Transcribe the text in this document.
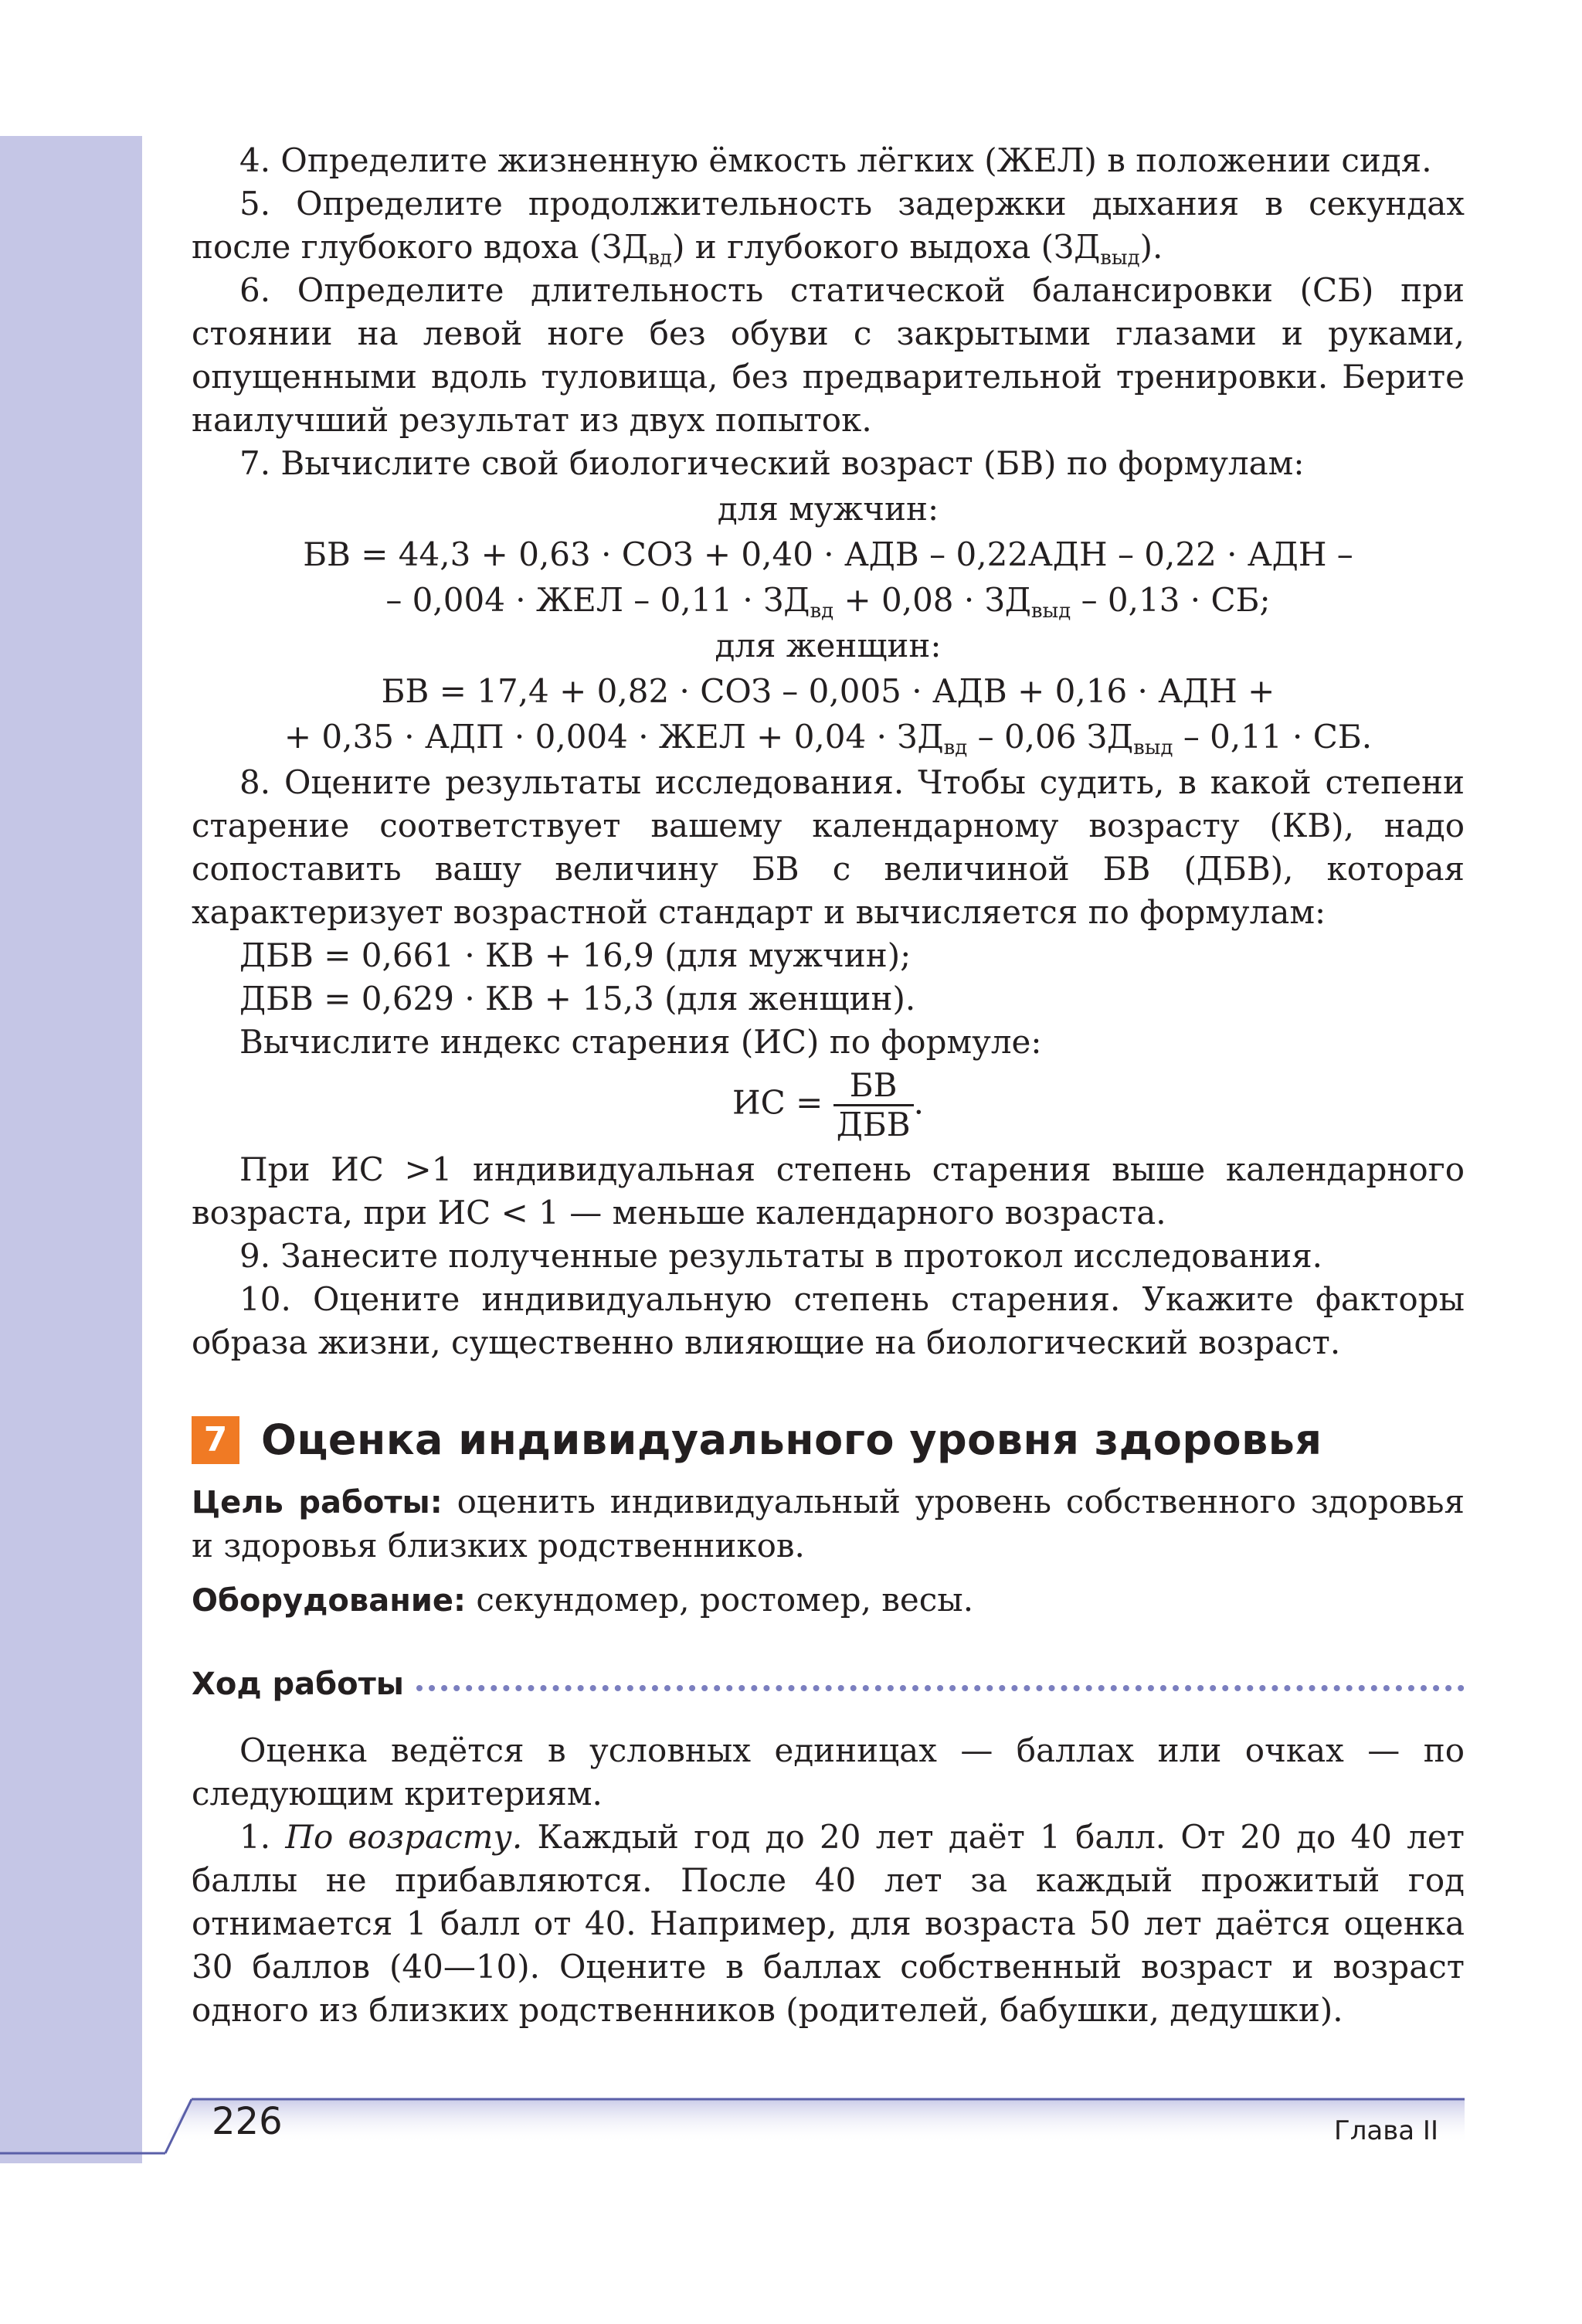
4. Определите жизненную ёмкость лёгких (ЖЕЛ) в положении сидя.

5. Определите продолжительность задержки дыхания в секундах после глубокого вдоха $(ЗД_{вд})$ и глубокого выдоха $(ЗД_{выд})$.

6. Определите длительность статической балансировки (СБ) при стоянии на левой ноге без обуви с закрытыми глазами и руками, опущенными вдоль туловища, без предварительной тренировки. Берите наилучший результат из двух попыток.

7. Вычислите свой биологический возраст (БВ) по формулам:

для мужчин:

БВ = 44,3 + 0,63 · СОЗ + 0,40 · АДВ – 0,22АДН – 0,22 · АДН –

– 0,004 · ЖЕЛ – $0,11 \cdot ЗД_{вд} + 0,08 \cdot ЗД_{выд} - 0,13$ · СБ;

для женщин:

БВ = 17,4 + 0,82 · СОЗ – 0,005 · АДВ + 0,16 · АДН +

+ 0,35 · АДП · 0,004 · ЖЕЛ + $0,04 \cdot ЗД_{вд} - 0,06$ $ЗД_{выд} - 0,11$ · СБ.

8. Оцените результаты исследования. Чтобы судить, в какой степени старение соответствует вашему календарному возрасту (КВ), надо сопоставить вашу величину БВ с величиной БВ (ДБВ), которая характеризует возрастной стандарт и вычисляется по формулам:

ДБВ = 0,661 · КВ + 16,9 (для мужчин);

ДБВ = 0,629 · КВ + 15,3 (для женщин).

Вычислите индекс старения (ИС) по формуле:

ИС = $\frac{БВ}{\text{ДБВ}}$ .

При ИС >1 индивидуальная степень старения выше календарного возраста, при ИС < 1 — меньше календарного возраста.

9. Занесите полученные результаты в протокол исследования.

10. Оцените индивидуальную степень старения. Укажите факторы образа жизни, существенно влияющие на биологический возраст.

7 Оценка индивидуального уровня здоровья

Цель работы: оценить индивидуальный уровень собственного здоровья и здоровья близких родственников.

Оборудование: секундомер, ростомер, весы.

Ход работы

Оценка ведётся в условных единицах — баллах или очках — по следующим критериям.

1. По возрасту. Каждый год до 20 лет даёт 1 балл. От 20 до 40 лет баллы не прибавляются. После 40 лет за каждый прожитый год отнимается 1 балл от 40. Например, для возраста 50 лет даётся оценка 30 баллов (40—10). Оцените в баллах собственный возраст и возраст одного из близких родственников (родителей, бабушки, дедушки).

226	Глава II
